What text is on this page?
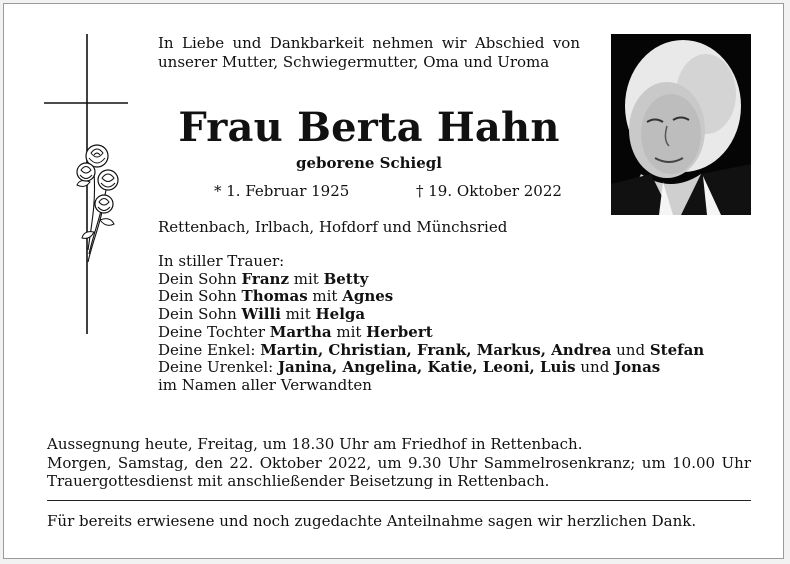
In Liebe und Dankbarkeit nehmen wir Abschied von unserer Mutter, Schwiegermutter, Oma und Uroma
Frau Berta Hahn
geborene Schiegl
* 1. Februar 1925	† 19. Oktober 2022
Rettenbach, Irlbach, Hofdorf und Münchsried
In stiller Trauer:
Dein Sohn Franz mit Betty
Dein Sohn Thomas mit Agnes
Dein Sohn Willi mit Helga
Deine Tochter Martha mit Herbert
Deine Enkel: Martin, Christian, Frank, Markus, Andrea und Stefan
Deine Urenkel: Janina, Angelina, Katie, Leoni, Luis und Jonas
im Namen aller Verwandten

Aussegnung heute, Freitag, um 18.30 Uhr am Friedhof in Rettenbach.

Morgen, Samstag, den 22. Oktober 2022, um 9.30 Uhr Sammelrosenkranz; um 10.00 Uhr Trauergottesdienst mit anschließender Beisetzung in Rettenbach.

Für bereits erwiesene und noch zugedachte Anteilnahme sagen wir herzlichen Dank.
